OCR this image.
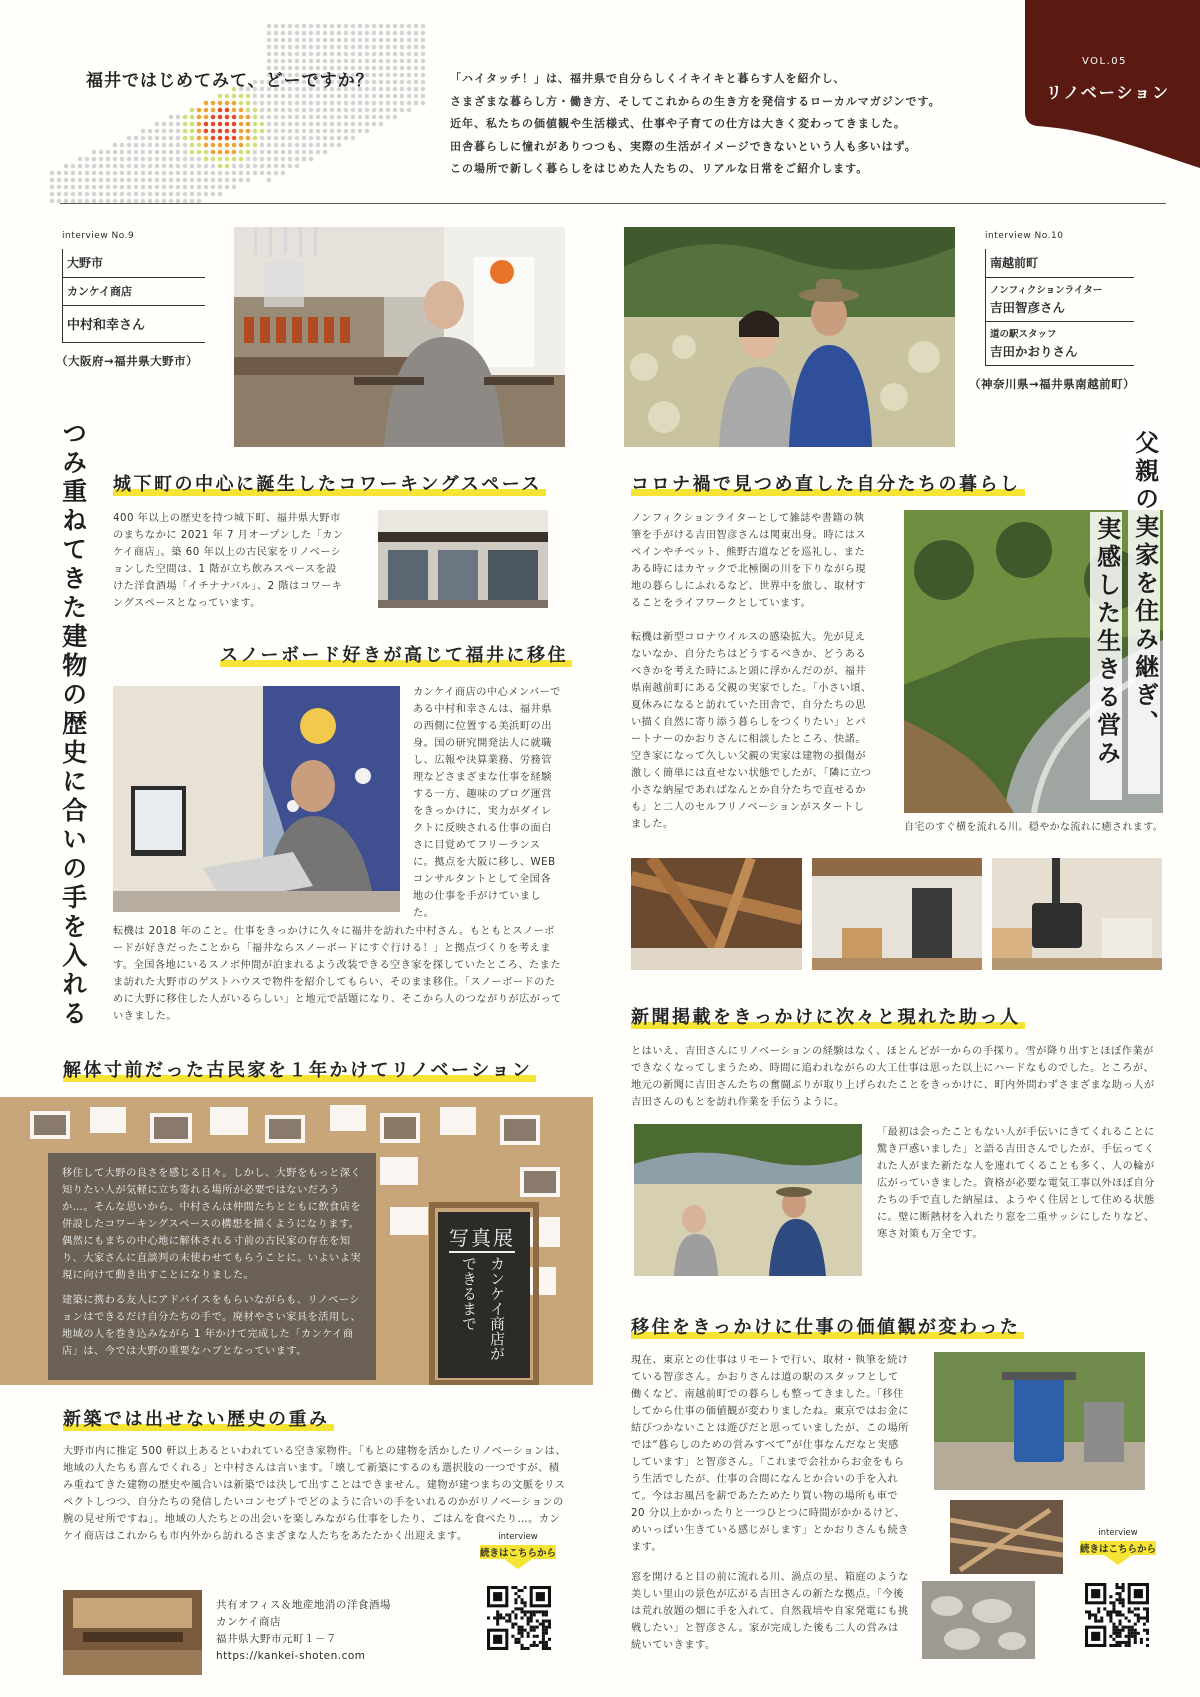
福井ではじめてみて、どーですか？	「ハイタッチ！」は、福井県で自分らしくイキイキと暮らす人を紹介し、
さまざまな暮らし方・働き方、そしてこれからの生き方を発信するローカルマガジンです。
近年、私たちの価値観や生活様式、仕事や子育ての仕方は大きく変わってきました。
田舎暮らしに憧れがありつつも、実際の生活がイメージできないという人も多いはず。
この場所で新しく暮らしをはじめた人たちの、リアルな日常をご紹介します。
VOL.05
リノベーション
interview No.9
大野市
カンケイ商店
中村和幸さん
（大阪府→福井県大野市）
interview No.10
南越前町
ノンフィクションライター
吉田智彦さん
道の駅スタッフ
吉田かおりさん
（神奈川県→福井県南越前町）
つみ重ねてきた建物の歴史に合いの手を入れる 城下町の中心に誕生したコワーキングスペース

400 年以上の歴史を持つ城下町、福井県大野市のまちなかに 2021 年 7 月オープンした「カンケイ商店」。築 60 年以上の古民家をリノベーションした空間は、1 階が立ち飲みスペースを設けた洋食酒場「イチナナバル」、2 階はコワーキングスペースとなっています。

スノーボード好きが高じて福井に移住

カンケイ商店の中心メンバーである中村和幸さんは、福井県の西側に位置する美浜町の出身。国の研究開発法人に就職し、広報や決算業務、労務管理などさまざまな仕事を経験する一方、趣味のブログ運営をきっかけに、実力がダイレクトに反映される仕事の面白さに目覚めてフリーランスに。拠点を大阪に移し、WEB コンサルタントとして全国各地の仕事を手がけていました。

転機は 2018 年のこと。仕事をきっかけに久々に福井を訪れた中村さん。もともとスノーボードが好きだったことから「福井ならスノーボードにすぐ行ける！」と拠点づくりを考えます。全国各地にいるスノボ仲間が泊まれるよう改装できる空き家を探していたところ、たまたま訪れた大野市のゲストハウスで物件を紹介してもらい、そのまま移住。「スノーボードのために大野に移住した人がいるらしい」と地元で話題になり、そこから人のつながりが広がっていきました。

解体寸前だった古民家を１年かけてリノベーション

移住して大野の良さを感じる日々。しかし、大野をもっと深く知りたい人が気軽に立ち寄れる場所が必要ではないだろうか…。そんな思いから、中村さんは仲間たちとともに飲食店を併設したコワーキングスペースの構想を描くようになります。偶然にもまちの中心地に解体される寸前の古民家の存在を知り、大家さんに直談判の末使わせてもらうことに。いよいよ実現に向けて動き出すことになりました。

建築に携わる友人にアドバイスをもらいながらも、リノベーションはできるだけ自分たちの手で。廃材やさい家具を活用し、地域の人を巻き込みながら 1 年かけて完成した「カンケイ商店」は、今では大野の重要なハブとなっています。

写真展
カンケイ商店が
できるまで
新築では出せない歴史の重み

大野市内に推定 500 軒以上あるといわれている空き家物件。「もとの建物を活かしたリノベーションは、地域の人たちも喜んでくれる」と中村さんは言います。「壊して新築にするのも選択肢の一つですが、積み重ねてきた建物の歴史や風合いは新築では決して出すことはできません。建物が建つまちの文脈をリスペクトしつつ、自分たちの発信したいコンセプトでどのように合いの手をいれるのかがリノベーションの腕の見せ所ですね」。地域の人たちとの出会いを楽しみながら仕事をしたり、ごはんを食べたり…。カンケイ商店はこれからも市内外から訪れるさまざまな人たちをあたたかく出迎えます。

共有オフィス＆地産地消の洋食酒場
カンケイ商店
福井県大野市元町１－７
https://kankei-shoten.com
interview
続きはこちらから
コロナ禍で見つめ直した自分たちの暮らし

ノンフィクションライターとして雑誌や書籍の執筆を手がける吉田智彦さんは関東出身。時にはスペインやチベット、熊野古道などを巡礼し、またある時にはカヤックで北極圏の川を下りながら現地の暮らしにふれるなど、世界中を旅し、取材することをライフワークとしています。

転機は新型コロナウイルスの感染拡大。先が見えないなか、自分たちはどうするべきか、どうあるべきかを考えた時にふと頭に浮かんだのが、福井県南越前町にある父親の実家でした。「小さい頃、夏休みになると訪れていた田舎で、自分たちの思い描く自然に寄り添う暮らしをつくりたい」とパートナーのかおりさんに相談したところ、快諾。空き家になって久しい父親の実家は建物の損傷が激しく簡単には直せない状態でしたが、「隣に立つ小さな納屋であればなんとか自分たちで直せるかも」と二人のセルフリノベーションがスタートしました。

父親の実家を住み継ぎ、
実感した生きる営み
自宅のすぐ横を流れる川。穏やかな流れに癒されます。
新聞掲載をきっかけに次々と現れた助っ人

とはいえ、吉田さんにリノベーションの経験はなく、ほとんどが一からの手探り。雪が降り出すとほぼ作業ができなくなってしまうため、時間に追われながらの大工仕事は思った以上にハードなものでした。ところが、地元の新聞に吉田さんたちの奮闘ぶりが取り上げられたことをきっかけに、町内外問わずさまざまな助っ人が吉田さんのもとを訪れ作業を手伝うように。

「最初は会ったこともない人が手伝いにきてくれることに驚き戸惑いました」と語る吉田さんでしたが、手伝ってくれた人がまた新たな人を連れてくることも多く、人の輪が広がっていきました。資格が必要な電気工事以外ほぼ自分たちの手で直した納屋は、ようやく住居として住める状態に。壁に断熱材を入れたり窓を二重サッシにしたりなど、寒さ対策も万全です。

移住をきっかけに仕事の価値観が変わった

現在、東京との仕事はリモートで行い、取材・執筆を続けている智彦さん。かおりさんは道の駅のスタッフとして働くなど、南越前町での暮らしも整ってきました。「移住してから仕事の価値観が変わりましたね。東京ではお金に結びつかないことは遊びだと思っていましたが、この場所では“暮らしのための営みすべて”が仕事なんだなと実感しています」と智彦さん。「これまで会社からお金をもらう生活でしたが、仕事の合間になんとか合いの手を入れて。今はお風呂を薪であたためたり買い物の場所も車で 20 分以上かかったりと一つひとつに時間がかかるけど、めいっぱい生きている感じがします」とかおりさんも続きます。

窓を開けると目の前に流れる川、渦点の星、箱庭のような美しい里山の景色が広がる吉田さんの新たな拠点。「今後は荒れ放題の畑に手を入れて、自然栽培や自家発電にも挑戦したい」と智彦さん。家が完成した後も二人の営みは続いていきます。

interview
続きはこちらから
